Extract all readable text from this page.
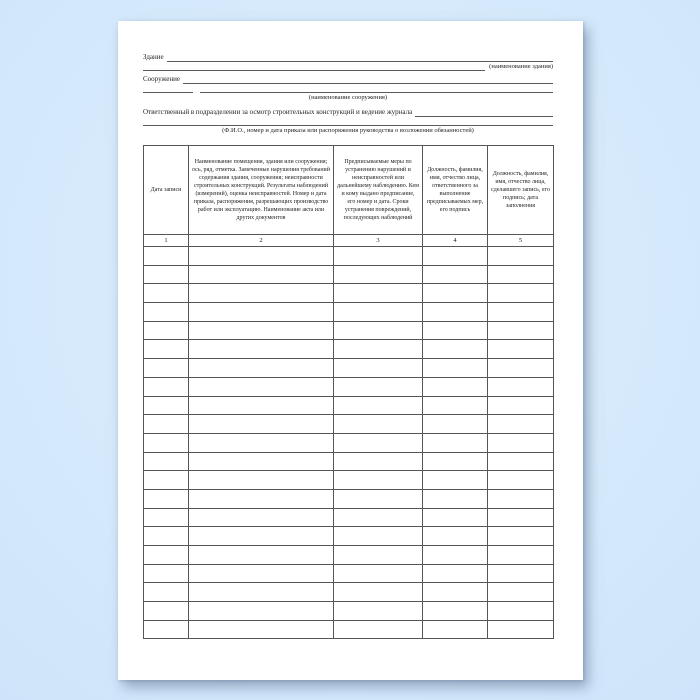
Здание
(наименование здания)
Сооружение
(наименование сооружения)
Ответственный в подразделении за осмотр строительных конструкций и ведение журнала
(Ф.И.О., номер и дата приказа или распоряжения руководства о возложении обязанностей)
Дата записи	Наименование помещения, здания или сооружения; ось, ряд, отметка. Замеченные нарушения требований содержания здания, сооружения; неисправности строительных конструкций. Результаты наблюдений (измерений), оценка неисправностей. Номер и дата приказа, распоряжения, разрешающих производство работ или эксплуатацию. Наименование акта или других документов	Предписываемые меры по устранению нарушений и неисправностей или дальнейшему наблюдению. Кем и кому выдано предписание, его номер и дата. Сроки устранения повреждений, последующих наблюдений	Должность, фамилия, имя, отчество лица, ответственного за выполнение предписываемых мер, его подпись	Должность, фамилия, имя, отчество лица, сделавшего запись, его подпись; дата заполнения
1	2	3	4	5
